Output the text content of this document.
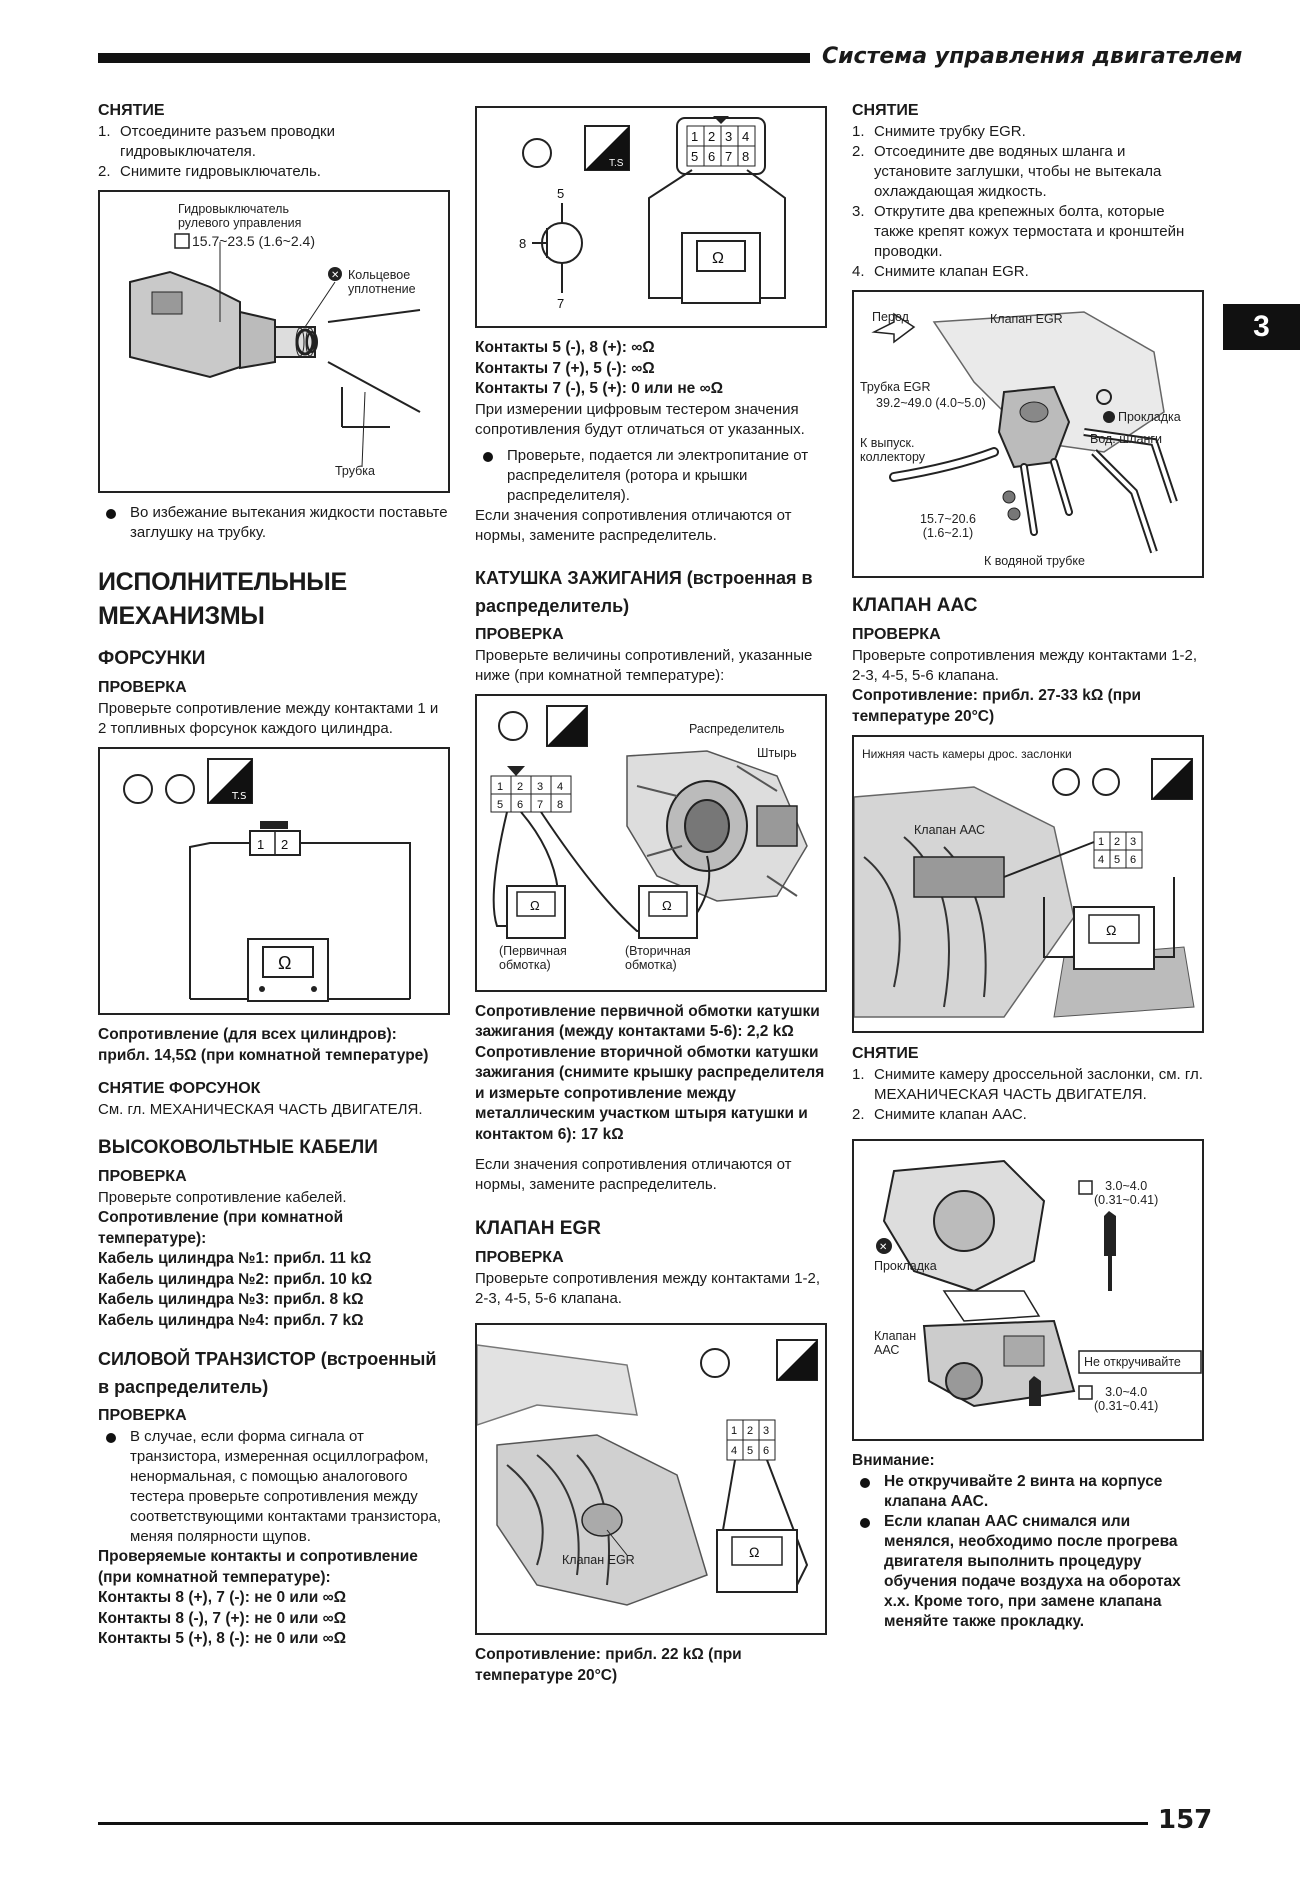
Система управления двигателем
3
СНЯТИЕ
1. Отсоедините разъем проводки гидровыключателя.
2. Снимите гидровыключатель.
✕
Гидровыключатель
рулевого управления
15.7~23.5 (1.6~2.4)
Кольцевое
уплотнение
Трубка
Во избежание вытекания жидкости поставьте заглушку на трубку.
ИСПОЛНИТЕЛЬНЫЕ МЕХАНИЗМЫ
ФОРСУНКИ
ПРОВЕРКА
Проверьте сопротивление между контактами 1 и 2 топливных форсунок каждого цилиндра.
T.S
1 2
Ω
Сопротивление (для всех цилиндров): прибл. 14,5Ω (при комнатной температуре)
СНЯТИЕ ФОРСУНОК
См. гл. МЕХАНИЧЕСКАЯ ЧАСТЬ ДВИГАТЕЛЯ.
ВЫСОКОВОЛЬТНЫЕ КАБЕЛИ
ПРОВЕРКА
Проверьте сопротивление кабелей.
Сопротивление (при комнатной температуре):
Кабель цилиндра №1: прибл. 11 kΩ
Кабель цилиндра №2: прибл. 10 kΩ
Кабель цилиндра №3: прибл. 8 kΩ
Кабель цилиндра №4: прибл. 7 kΩ
СИЛОВОЙ ТРАНЗИСТОР (встроенный в распределитель)
ПРОВЕРКА
В случае, если форма сигнала от транзистора, измеренная осциллографом, ненормальная, с помощью аналогового тестера проверьте сопротивления между соответствующими контактами транзистора, меняя полярности щупов.
Проверяемые контакты и сопротивление (при комнатной температуре):
Контакты 8 (+), 7 (-): не 0 или ∞Ω
Контакты 8 (-), 7 (+): не 0 или ∞Ω
Контакты 5 (+), 8 (-): не 0 или ∞Ω
T.S
1 2 3 4
5 6 7 8
Ω
5
8
7
Контакты 5 (-), 8 (+): ∞Ω
Контакты 7 (+), 5 (-): ∞Ω
Контакты 7 (-), 5 (+): 0 или не ∞Ω
При измерении цифровым тестером значения сопротивления будут отличаться от указанных.
Проверьте, подается ли электропитание от распределителя (ротора и крышки распределителя).
Если значения сопротивления отличаются от нормы, замените распределитель.
КАТУШКА ЗАЖИГАНИЯ (встроенная в распределитель)
ПРОВЕРКА
Проверьте величины сопротивлений, указанные ниже (при комнатной температуре):
1 2 3 4
5 6 7 8
Ω	Ω
Распределитель
Штырь
(Первичная
обмотка)
(Вторичная
обмотка)
Сопротивление первичной обмотки катушки зажигания (между контактами 5-6): 2,2 kΩ
Сопротивление вторичной обмотки катушки зажигания (снимите крышку распределителя и измерьте сопротивление между металлическим участком штыря катушки и контактом 6): 17 kΩ
Если значения сопротивления отличаются от нормы, замените распределитель.
КЛАПАН EGR
ПРОВЕРКА
Проверьте сопротивления между контактами 1-2, 2-3, 4-5, 5-6 клапана.
1 2 3
4 5 6
Ω
Клапан EGR
Сопротивление: прибл. 22 kΩ (при температуре 20°C)
СНЯТИЕ
1. Снимите трубку EGR.
2. Отсоедините две водяных шланга и установите заглушки, чтобы не вытекала охлаждающая жидкость.
3. Открутите два крепежных болта, которые также крепят кожух термостата и кронштейн проводки.
4. Снимите клапан EGR.
Перед	Клапан EGR
Трубка EGR
39.2~49.0 (4.0~5.0)
Прокладка
К выпуск.
коллектору
Вод. шланги
15.7~20.6
(1.6~2.1)
К водяной трубке
КЛАПАН ААС
ПРОВЕРКА
Проверьте сопротивления между контактами 1-2, 2-3, 4-5, 5-6 клапана.
Сопротивление: прибл. 27-33 kΩ (при температуре 20°C)
1 2 3
4 5 6
Ω
Нижняя часть камеры дрос. заслонки
Клапан ААС
СНЯТИЕ
1. Снимите камеру дроссельной заслонки, см. гл. МЕХАНИЧЕСКАЯ ЧАСТЬ ДВИГАТЕЛЯ.
2. Снимите клапан ААС.
✕
3.0~4.0
(0.31~0.41)
Прокладка
Клапан
ААС
Не откручивайте
3.0~4.0
(0.31~0.41)
Внимание:
Не откручивайте 2 винта на корпусе клапана ААС.
Если клапан ААС снимался или менялся, необходимо после прогрева двигателя выполнить процедуру обучения подаче воздуха на оборотах х.х. Кроме того, при замене клапана меняйте также прокладку.
157
